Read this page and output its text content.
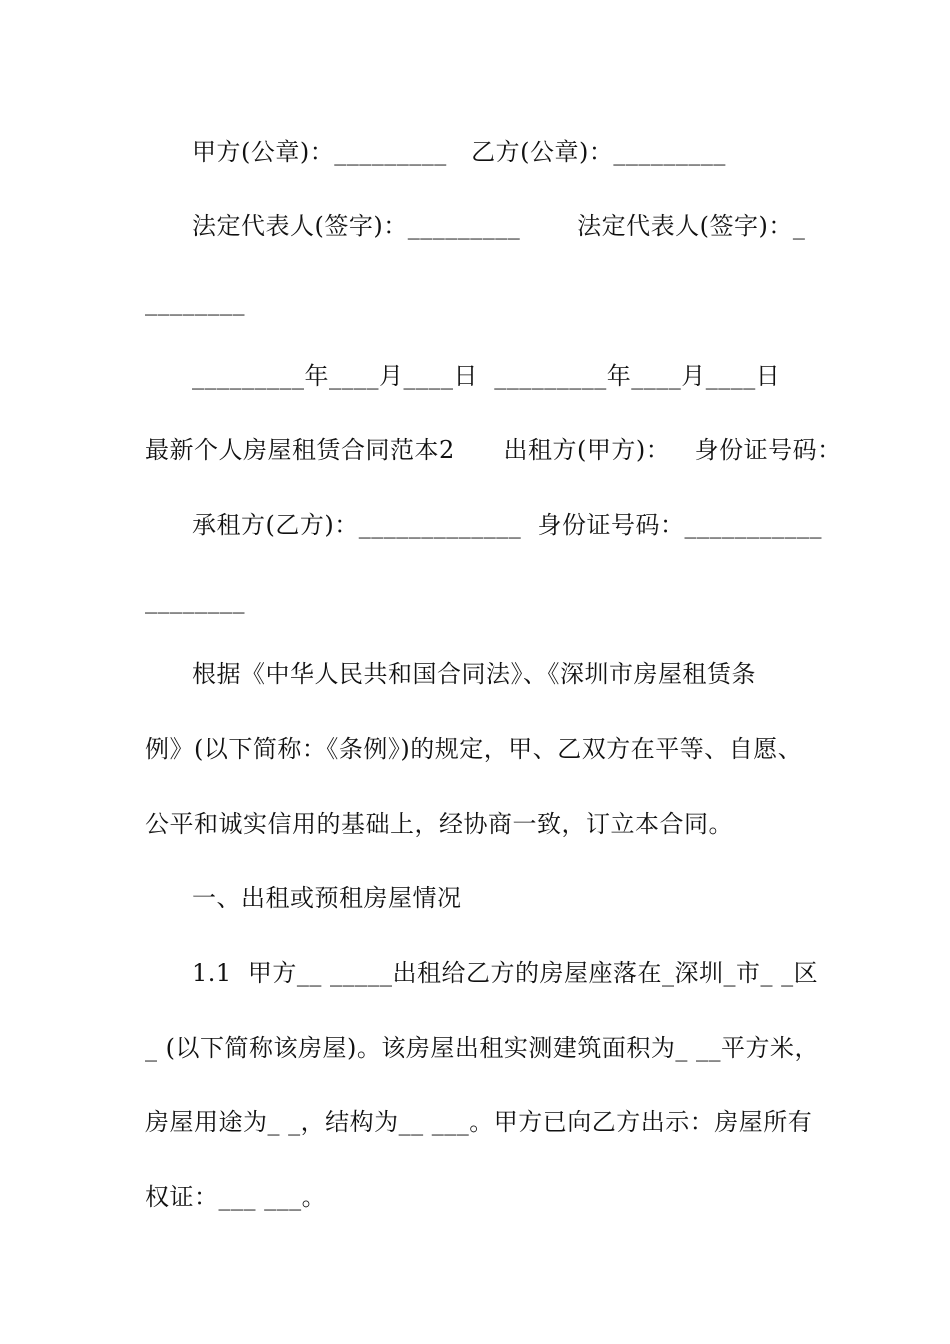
甲方(公章)：_________   乙方(公章)：_________
法定代表人(签字)：_________       法定代表人(签字)：_
________
_________年____月____日  _________年____月____日
最新个人房屋租赁合同范本2      出租方(甲方)：   身份证号码：
承租方(乙方)：_____________  身份证号码：___________
________
根据《中华人民共和国合同法》、《深圳市房屋租赁条
例》(以下简称：《条例》)的规定，甲、乙双方在平等、自愿、
公平和诚实信用的基础上，经协商一致，订立本合同。
一、出租或预租房屋情况
1.1  甲方__ _____出租给乙方的房屋座落在_深圳_市_ _区
_ (以下简称该房屋)。该房屋出租实测建筑面积为_ __平方米，
房屋用途为_ _，结构为__ ___。甲方已向乙方出示：房屋所有
权证：___ ___。
